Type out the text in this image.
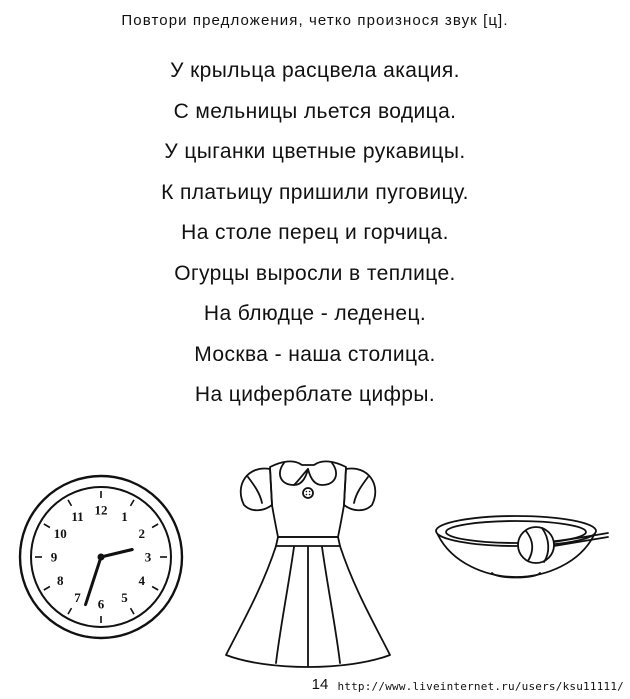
Повтори предложения, четко произнося звук [ц].
У крыльца расцвела акация.
С мельницы льется водица.
У цыганки цветные рукавицы.
К платьицу пришили пуговицу.
На столе перец и горчица.
Огурцы выросли в теплице.
На блюдце - леденец.
Москва - наша столица.
На циферблате цифры.
12 1
2
3
4
5
6
7
8
9
10
11
14 http://www.liveinternet.ru/users/ksu11111/
